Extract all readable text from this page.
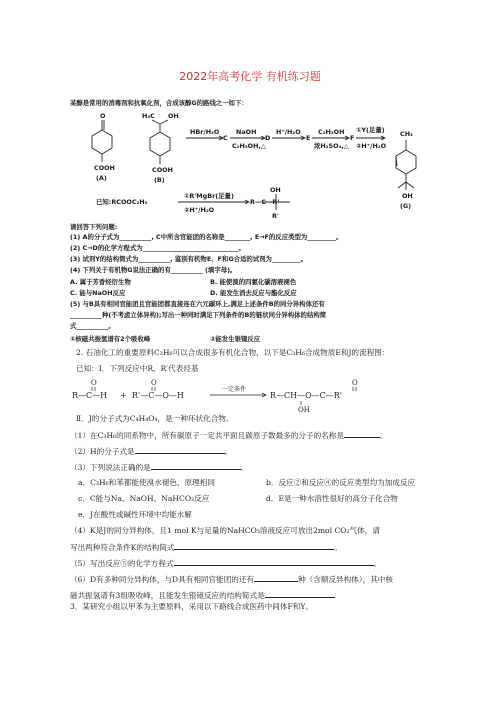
2022年高考化学 有机练习题
某醇是常用的消毒剂和抗氧化剂，合成该醇G的路线之一如下：
O
COOH
(A)
H₃C OH
COOH
(B)
HBr/H₂O
C
NaOH
C₂H₅OH,△
D
H⁺/H₂O
E
C₂H₅OH
浓H₂SO₄,△
F
①Y(足量)
②H⁺/H₂O
CH₃
OH
(G)
已知:RCOOC₂H₅
①R'MgBr(足量)
②H⁺/H₂O
R—C—R'
OH
R'
请回答下列问题:
(1) A的分子式为__________, C中所含官能团的名称是________, E→F的反应类型为_________。
(2) C→D的化学方程式为______________________________。
(3) 试剂Y的结构简式为__________, 鉴别有机物E、F和G合适的试剂为_________。
(4) 下列关于有机物G说法正确的有__________ (填字母)。
A. 属于芳香烃衍生物	B. 能使溴的四氯化碳溶液褪色
C. 能与NaOH反应	D. 能发生消去反应与酯化反应
(5) 与B具有相同官能团且官能团都直接连在六元碳环上,满足上述条件B的同分异构体还有
__________种(不考虑立体异构);写出一种同时满足下列条件的B的链状同分异构体的结构简
式__________。
①核磁共振氢谱有2个吸收峰	②能发生银镜反应
2. 石油化工的重要原料C₃H₆可以合成很多有机化合物，以下是C₃H₆合成物质E和J的流程图：
已知：Ⅰ．下列反应中R、R′代表烃基
R—C—H + R'—C—O—H
一定条件
R—CH—O—C—R'
O	O	O
OH
Ⅱ．J的分子式为C₄H₄O₄，是一种环状化合物。
（1）在C₃H₆的同系物中，所有碳原子一定共平面且碳原子数最多的分子的名称是	。
（2）H的分子式是	。
（3）下列说法正确的是	。
a．C₃H₆和苯都能使溴水褪色，原理相同	b．反应②和反应④的反应类型均为加成反应
c．C能与Na、NaOH、NaHCO₃反应	d．E是一种水溶性很好的高分子化合物
e．J在酸性或碱性环境中均能水解
（4）K是J的同分异构体，且1 mol K与足量的NaHCO₃溶液反应可放出2mol CO₂气体，请
写出两种符合条件K的结构简式	。
（5）写出反应⑤的化学方程式	。
（6）D有多种同分异构体，与D具有相同官能团的还有	种（含顺反异构体），其中核
磁共振氢谱有3组吸收峰，且能发生银镜反应的结构简式是
3．某研究小组以甲苯为主要原料，采用以下路线合成医药中间体F和Y。
